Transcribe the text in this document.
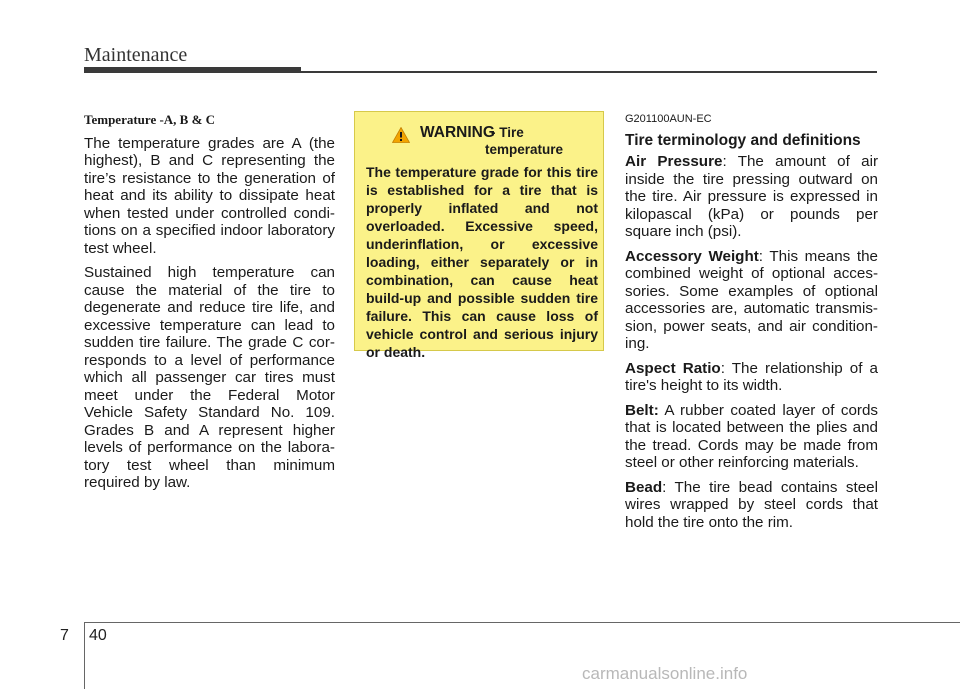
Maintenance
Temperature -A, B & C

The temperature grades are A (the highest), B and C representing the tire’s resistance to the generation of heat and its ability to dissipate heat when tested under controlled condi-tions on a specified indoor laboratory test wheel.

Sustained high temperature can cause the material of the tire to degenerate and reduce tire life, and excessive temperature can lead to sudden tire failure. The grade C cor-responds to a level of performance which all passenger car tires must meet under the Federal Motor Vehicle Safety Standard No. 109. Grades B and A represent higher levels of performance on the labora-tory test wheel than minimum required by law.

WARNING
- Tire
temperature
The temperature grade for this tire is established for a tire that is properly inflated and not overloaded. Excessive speed, underinflation, or excessive loading, either separately or in combination, can cause heat build-up and possible sudden tire failure. This can cause loss of vehicle control and serious injury or death.
G201100AUN-EC
Tire terminology and definitions

Air Pressure: The amount of air inside the tire pressing outward on the tire. Air pressure is expressed in kilopascal (kPa) or pounds per square inch (psi).

Accessory Weight: This means the combined weight of optional acces-sories. Some examples of optional accessories are, automatic transmis-sion, power seats, and air condition-ing.

Aspect Ratio: The relationship of a tire's height to its width.

Belt: A rubber coated layer of cords that is located between the plies and the tread. Cords may be made from steel or other reinforcing materials.

Bead: The tire bead contains steel wires wrapped by steel cords that hold the tire onto the rim.

7 40
carmanualsonline.info
